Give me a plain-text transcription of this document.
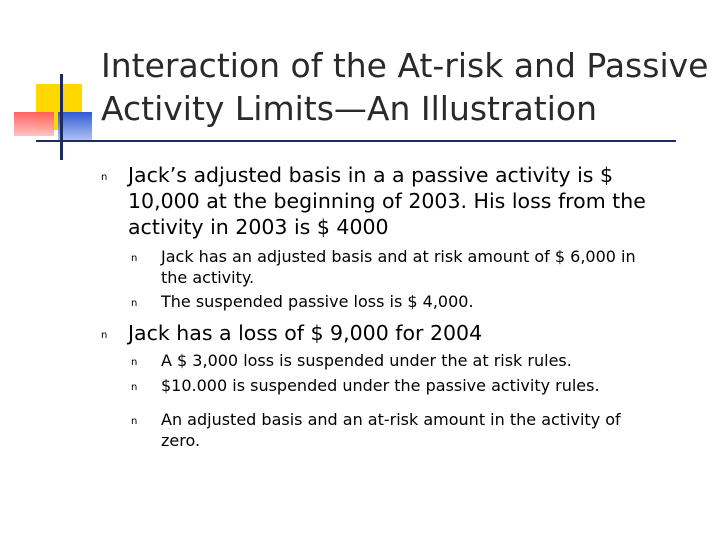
Interaction of the At-risk and Passive
Activity Limits—An Illustration
n Jack’s adjusted basis in a a passive activity is $
10,000 at the beginning of 2003. His loss from the
activity in 2003 is $ 4000
n Jack has an adjusted basis and at risk amount of $ 6,000 in
the activity.
n The suspended passive loss is $ 4,000.
n Jack has a loss of $ 9,000 for 2004
n A $ 3,000 loss is suspended under the at risk rules.
n $10.000 is suspended under the passive activity rules.
n An adjusted basis and an at-risk amount in the activity of
zero.
